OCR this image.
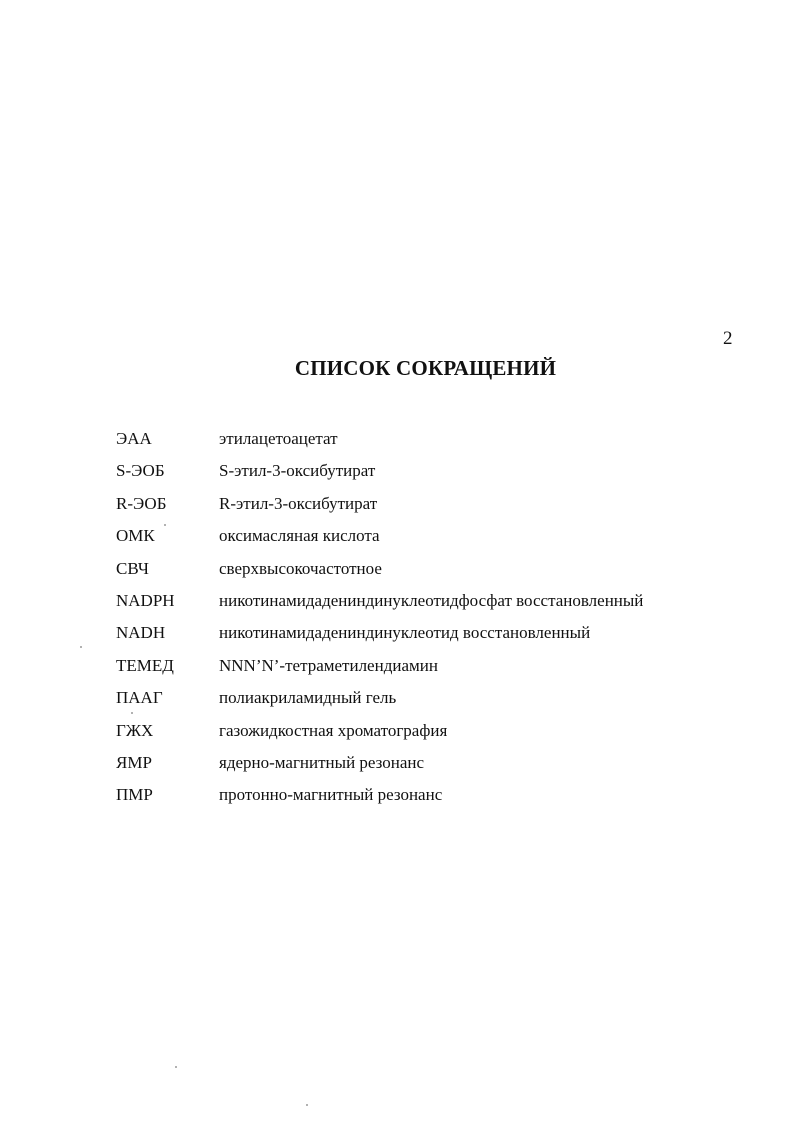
2
СПИСОК СОКРАЩЕНИЙ
ЭАА	этилацетоацетат
S-ЭОБ	S-этил-3-оксибутират
R-ЭОБ	R-этил-3-оксибутират
ОМК	оксимасляная кислота
СВЧ	сверхвысокочастотное
NADPH	никотинамидадениндинуклеотидфосфат восстановленный
NADH	никотинамидадениндинуклеотид восстановленный
ТЕМЕД	NNN’N’-тетраметилендиамин
ПААГ	полиакриламидный гель
ГЖХ	газожидкостная хроматография
ЯМР	ядерно-магнитный резонанс
ПМР	протонно-магнитный резонанс
